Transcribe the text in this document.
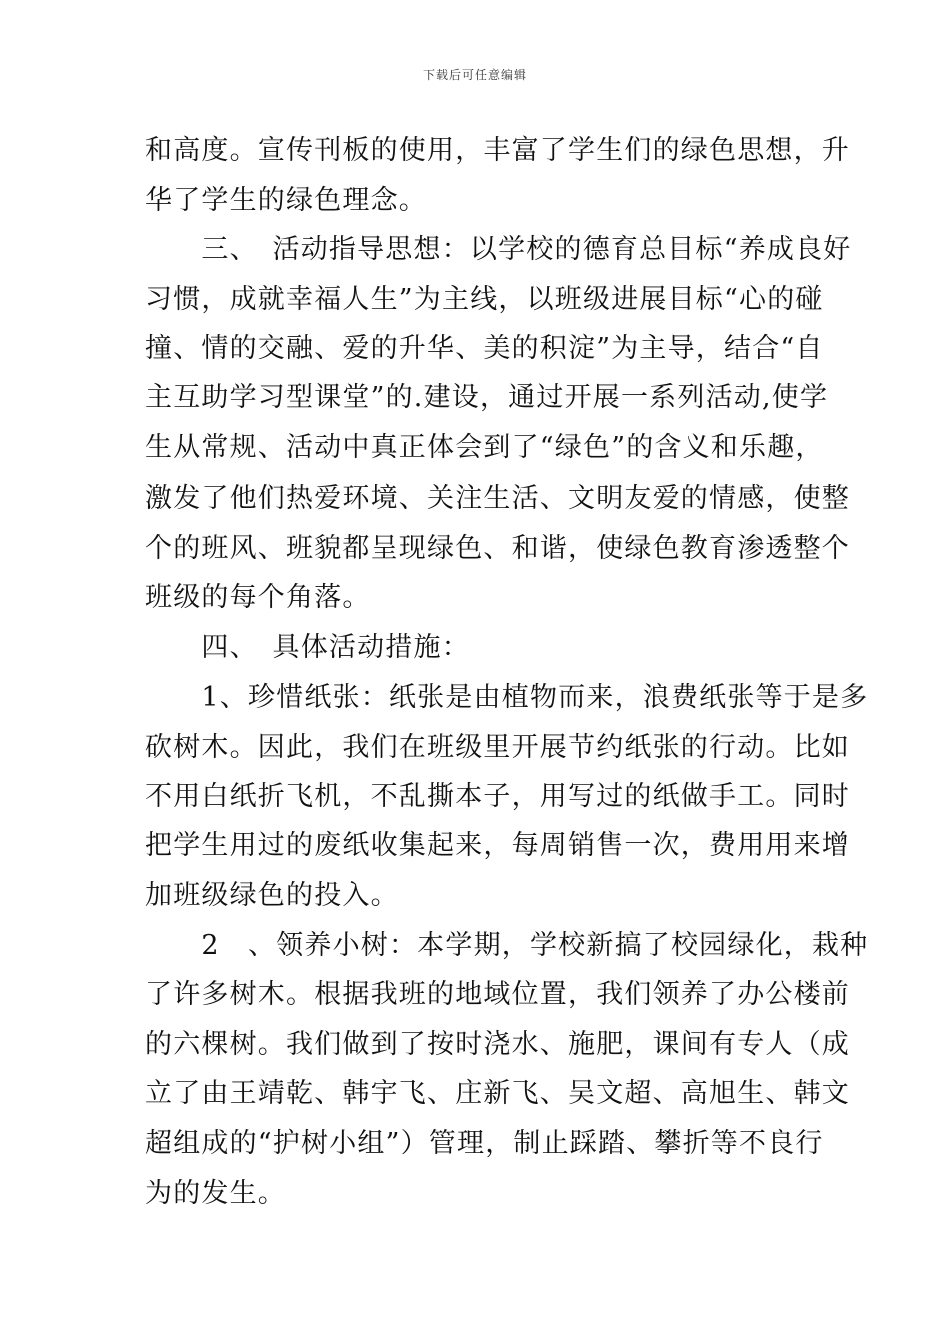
下载后可任意编辑
和高度。宣传刊板的使用，丰富了学生们的绿色思想，升
华了学生的绿色理念。
　　三、　活动指导思想：以学校的德育总目标“养成良好
习惯，成就幸福人生”为主线，以班级进展目标“心的碰
撞、情的交融、爱的升华、美的积淀”为主导，结合“自
主互助学习型课堂”的.建设，通过开展一系列活动,使学
生从常规、活动中真正体会到了“绿色”的含义和乐趣，
激发了他们热爱环境、关注生活、文明友爱的情感，使整
个的班风、班貌都呈现绿色、和谐，使绿色教育渗透整个
班级的每个角落。
　　四、　具体活动措施：
　　1、珍惜纸张：纸张是由植物而来，浪费纸张等于是多
砍树木。因此，我们在班级里开展节约纸张的行动。比如
不用白纸折飞机，不乱撕本子，用写过的纸做手工。同时
把学生用过的废纸收集起来，每周销售一次，费用用来增
加班级绿色的投入。
　　2　、领养小树：本学期，学校新搞了校园绿化，栽种
了许多树木。根据我班的地域位置，我们领养了办公楼前
的六棵树。我们做到了按时浇水、施肥，课间有专人（成
立了由王靖乾、韩宇飞、庄新飞、吴文超、高旭生、韩文
超组成的“护树小组”）管理，制止踩踏、攀折等不良行
为的发生。
